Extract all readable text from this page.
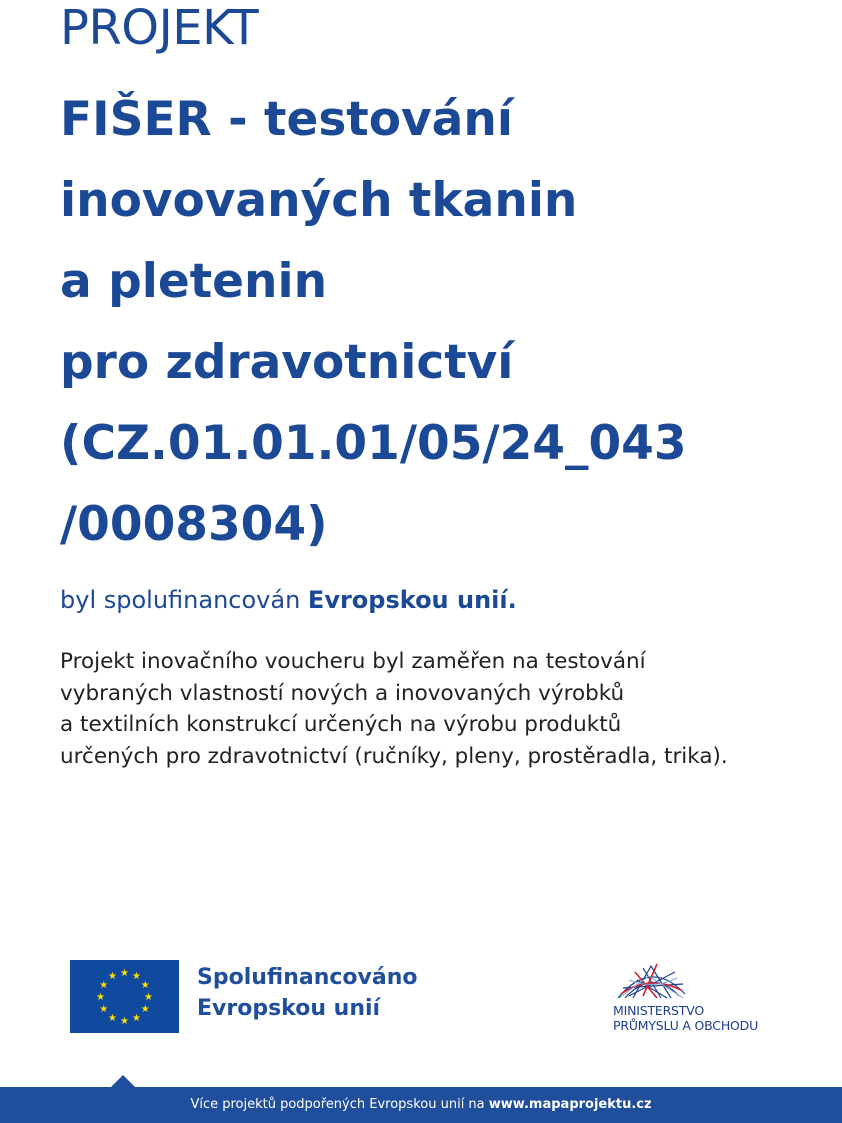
PROJEKT
FIŠER - testování
inovovaných tkanin
a pletenin
pro zdravotnictví
(CZ.01.01.01/05/24_043
/0008304)
byl spolufinancován Evropskou unií.
Projekt inovačního voucheru byl zaměřen na testování
vybraných vlastností nových a inovovaných výrobků
a textilních konstrukcí určených na výrobu produktů
určených pro zdravotnictví (ručníky, pleny, prostěradla, trika).
★ ★
★
★
★
★
★
★
★
★
★
★	Spolufinancováno
Evropskou unií	MINISTERSTVO
PRŮMYSLU A OBCHODU
Více projektů podpořených Evropskou unií na www.mapaprojektu.cz
